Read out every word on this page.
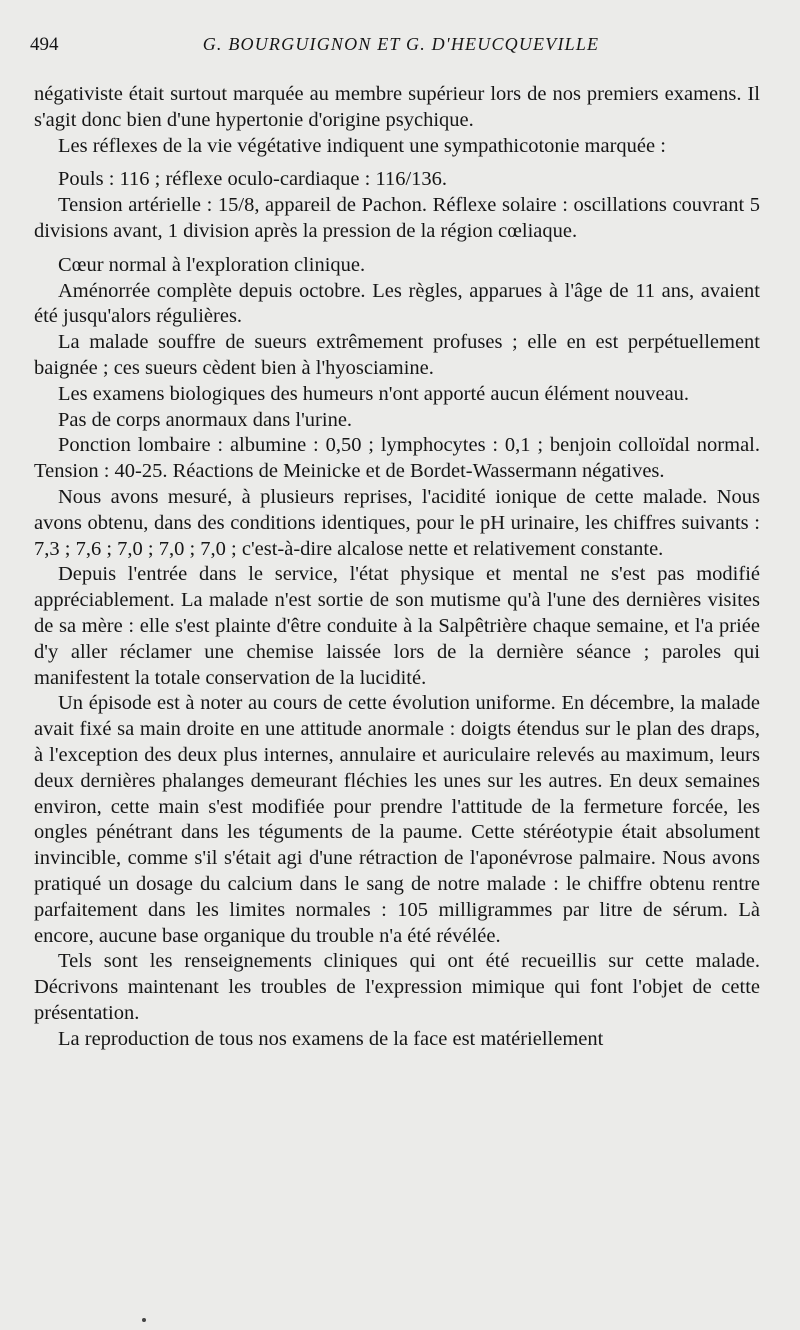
494	G. BOURGUIGNON ET G. D'HEUCQUEVILLE

négativiste était surtout marquée au membre supérieur lors de nos premiers examens. Il s'agit donc bien d'une hypertonie d'origine psychique.

Les réflexes de la vie végétative indiquent une sympathicotonie marquée :

Pouls : 116 ; réflexe oculo-cardiaque : 116/136.

Tension artérielle : 15/8, appareil de Pachon. Réflexe solaire : oscillations couvrant 5 divisions avant, 1 division après la pression de la région cœliaque.

Cœur normal à l'exploration clinique.

Aménorrée complète depuis octobre. Les règles, apparues à l'âge de 11 ans, avaient été jusqu'alors régulières.

La malade souffre de sueurs extrêmement profuses ; elle en est perpétuellement baignée ; ces sueurs cèdent bien à l'hyosciamine.

Les examens biologiques des humeurs n'ont apporté aucun élément nouveau.

Pas de corps anormaux dans l'urine.

Ponction lombaire : albumine : 0,50 ; lymphocytes : 0,1 ; benjoin colloïdal normal. Tension : 40-25. Réactions de Meinicke et de Bordet-Wassermann négatives.

Nous avons mesuré, à plusieurs reprises, l'acidité ionique de cette malade. Nous avons obtenu, dans des conditions identiques, pour le pH urinaire, les chiffres suivants : 7,3 ; 7,6 ; 7,0 ; 7,0 ; 7,0 ; c'est-à-dire alcalose nette et relativement constante.

Depuis l'entrée dans le service, l'état physique et mental ne s'est pas modifié appréciablement. La malade n'est sortie de son mutisme qu'à l'une des dernières visites de sa mère : elle s'est plainte d'être conduite à la Salpêtrière chaque semaine, et l'a priée d'y aller réclamer une chemise laissée lors de la dernière séance ; paroles qui manifestent la totale conservation de la lucidité.

Un épisode est à noter au cours de cette évolution uniforme. En décembre, la malade avait fixé sa main droite en une attitude anormale : doigts étendus sur le plan des draps, à l'exception des deux plus internes, annulaire et auriculaire relevés au maximum, leurs deux dernières phalanges demeurant fléchies les unes sur les autres. En deux semaines environ, cette main s'est modifiée pour prendre l'attitude de la fermeture forcée, les ongles pénétrant dans les téguments de la paume. Cette stéréotypie était absolument invincible, comme s'il s'était agi d'une rétraction de l'aponévrose palmaire. Nous avons pratiqué un dosage du calcium dans le sang de notre malade : le chiffre obtenu rentre parfaitement dans les limites normales : 105 milligrammes par litre de sérum. Là encore, aucune base organique du trouble n'a été révélée.

Tels sont les renseignements cliniques qui ont été recueillis sur cette malade. Décrivons maintenant les troubles de l'expression mimique qui font l'objet de cette présentation.

La reproduction de tous nos examens de la face est matériellement
